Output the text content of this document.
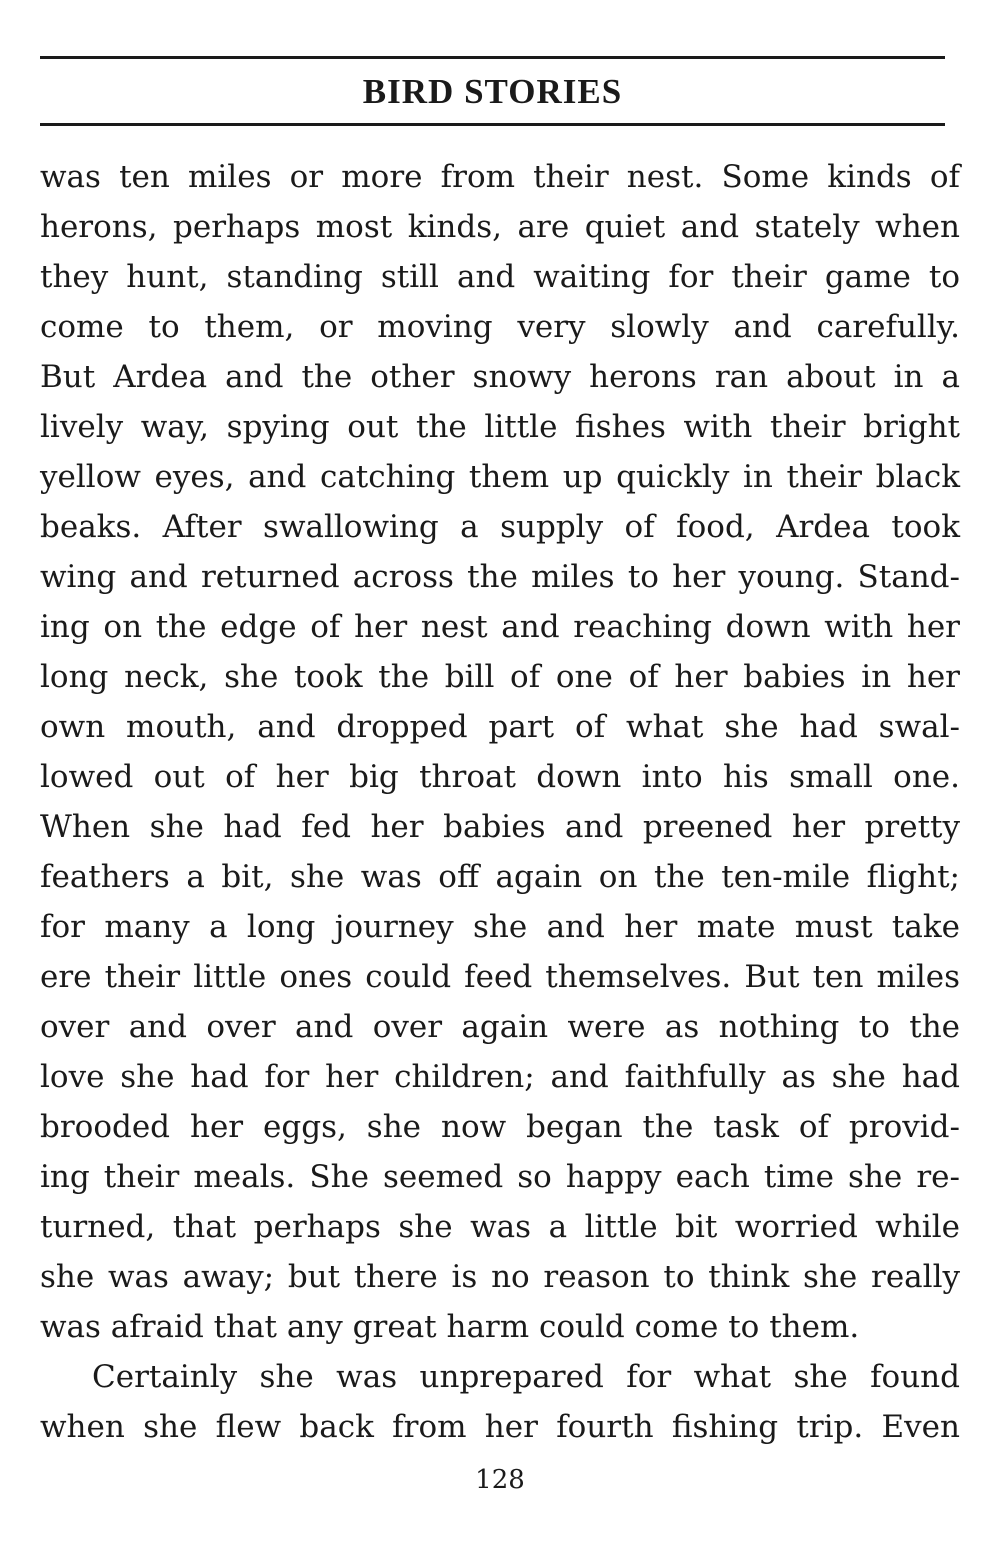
BIRD STORIES
was ten miles or more from their nest. Some kinds of
herons, perhaps most kinds, are quiet and stately when
they hunt, standing still and waiting for their game to
come to them, or moving very slowly and carefully.
But Ardea and the other snowy herons ran about in a
lively way, spying out the little fishes with their bright
yellow eyes, and catching them up quickly in their black
beaks. After swallowing a supply of food, Ardea took
wing and returned across the miles to her young. Stand-
ing on the edge of her nest and reaching down with her
long neck, she took the bill of one of her babies in her
own mouth, and dropped part of what she had swal-
lowed out of her big throat down into his small one.
When she had fed her babies and preened her pretty
feathers a bit, she was off again on the ten-mile flight;
for many a long journey she and her mate must take
ere their little ones could feed themselves. But ten miles
over and over and over again were as nothing to the
love she had for her children; and faithfully as she had
brooded her eggs, she now began the task of provid-
ing their meals. She seemed so happy each time she re-
turned, that perhaps she was a little bit worried while
she was away; but there is no reason to think she really
was afraid that any great harm could come to them.
Certainly she was unprepared for what she found
when she flew back from her fourth fishing trip. Even
128
